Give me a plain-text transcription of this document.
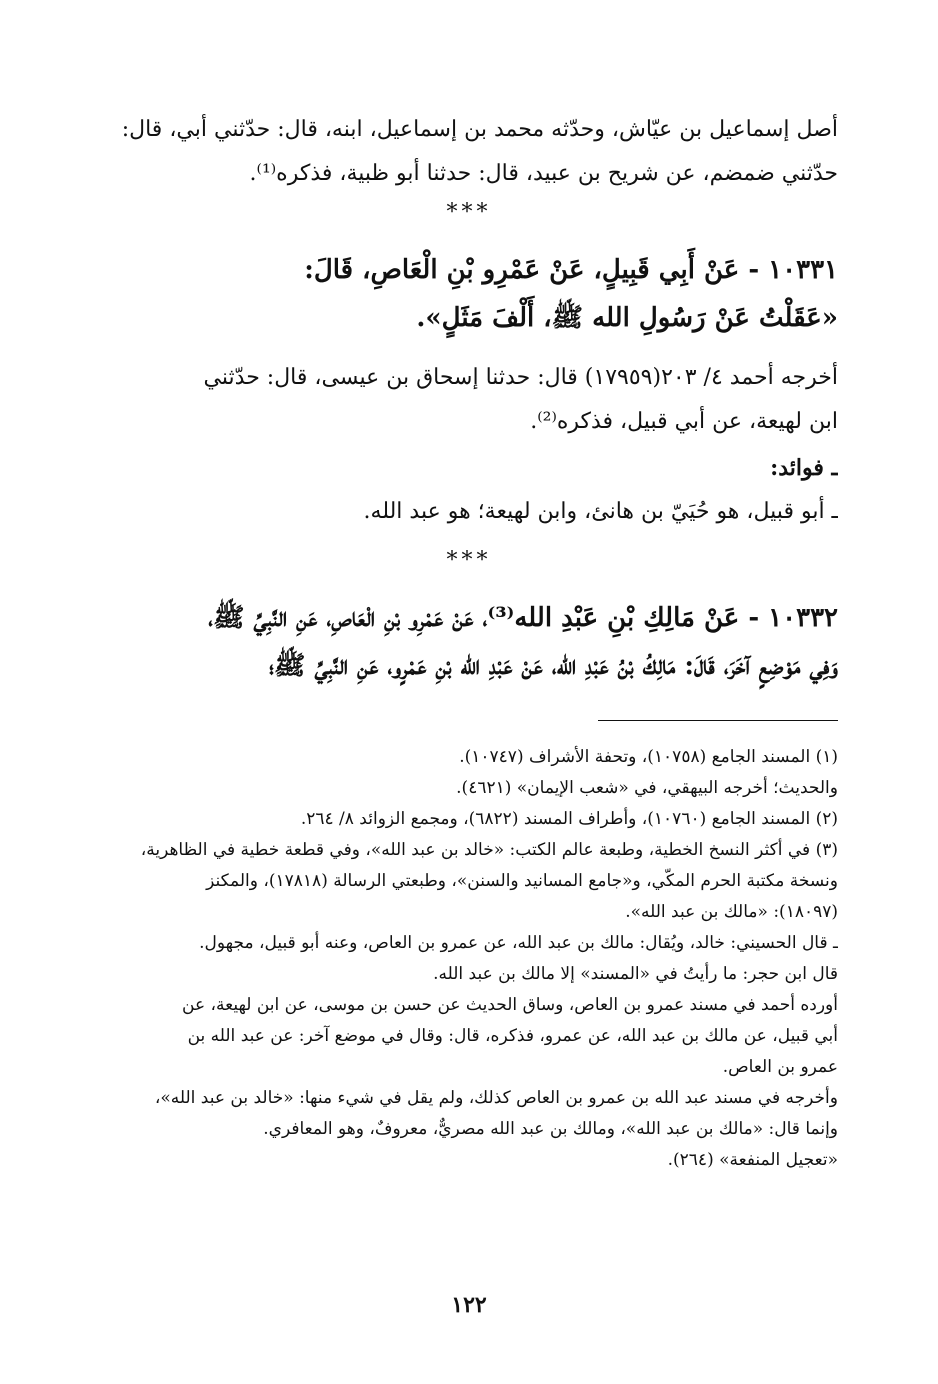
أصل إسماعيل بن عيّاش، وحدّثه محمد بن إسماعيل، ابنه، قال: حدّثني أبي، قال:
حدّثني ضمضم، عن شريح بن عبيد، قال: حدثنا أبو ظبية، فذكره⁽¹⁾.
***
١٠٣٣١ - عَنْ أَبِي قَبِيلٍ، عَنْ عَمْرِو بْنِ الْعَاصِ، قَالَ:
«عَقَلْتُ عَنْ رَسُولِ الله ﷺ، أَلْفَ مَثَلٍ».
أخرجه أحمد ٤/ ٢٠٣(١٧٩٥٩) قال: حدثنا إسحاق بن عيسى، قال: حدّثني
ابن لهيعة، عن أبي قبيل، فذكره⁽²⁾.
ـ فوائد:
ـ أبو قبيل، هو حُيَيّ بن هانئ، وابن لهيعة؛ هو عبد الله.
***
١٠٣٣٢ - عَنْ مَالِكِ بْنِ عَبْدِ الله⁽³⁾، عَنْ عَمْرِو بْنِ الْعَاصِ، عَنِ النَّبِيِّ ﷺ،
وَفِي مَوْضِعٍ آخَرَ، قَالَ: مَالِكُ بْنُ عَبْدِ الله، عَنْ عَبْدِ الله بْنِ عَمْرٍو، عَنِ النَّبِيِّ ﷺ؛
(١) المسند الجامع (١٠٧٥٨)، وتحفة الأشراف (١٠٧٤٧).
والحديث؛ أخرجه البيهقي، في «شعب الإيمان» (٤٦٢١).
(٢) المسند الجامع (١٠٧٦٠)، وأطراف المسند (٦٨٢٢)، ومجمع الزوائد ٨/ ٢٦٤.
(٣) في أكثر النسخ الخطية، وطبعة عالم الكتب: «خالد بن عبد الله»، وفي قطعة خطية في الظاهرية،
ونسخة مكتبة الحرم المكّي، و«جامع المسانيد والسنن»، وطبعتي الرسالة (١٧٨١٨)، والمكنز
(١٨٠٩٧): «مالك بن عبد الله».
ـ قال الحسيني: خالد، ويُقال: مالك بن عبد الله، عن عمرو بن العاص، وعنه أبو قبيل، مجهول.
قال ابن حجر: ما رأيتُ في «المسند» إلا مالك بن عبد الله.
أورده أحمد في مسند عمرو بن العاص، وساق الحديث عن حسن بن موسى، عن ابن لهيعة، عن
أبي قبيل، عن مالك بن عبد الله، عن عمرو، فذكره، قال: وقال في موضع آخر: عن عبد الله بن
عمرو بن العاص.
وأخرجه في مسند عبد الله بن عمرو بن العاص كذلك، ولم يقل في شيء منها: «خالد بن عبد الله»،
وإنما قال: «مالك بن عبد الله»، ومالك بن عبد الله مصريٌّ، معروفٌ، وهو المعافري.
«تعجيل المنفعة» (٢٦٤).
١٢٢
